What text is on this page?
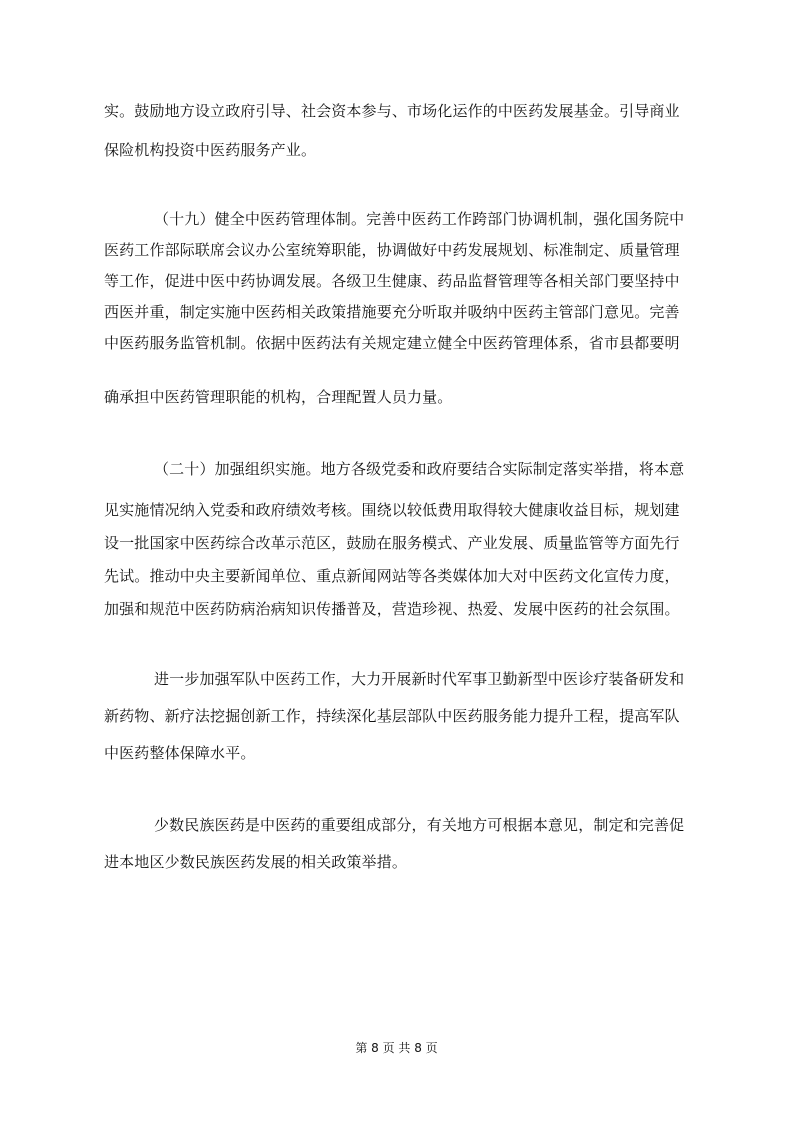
实。鼓励地方设立政府引导、社会资本参与、市场化运作的中医药发展基金。引导商业
保险机构投资中医药服务产业。
（十九）健全中医药管理体制。完善中医药工作跨部门协调机制，强化国务院中
医药工作部际联席会议办公室统筹职能，协调做好中药发展规划、标准制定、质量管理
等工作，促进中医中药协调发展。各级卫生健康、药品监督管理等各相关部门要坚持中
西医并重，制定实施中医药相关政策措施要充分听取并吸纳中医药主管部门意见。完善
中医药服务监管机制。依据中医药法有关规定建立健全中医药管理体系，省市县都要明
确承担中医药管理职能的机构，合理配置人员力量。
（二十）加强组织实施。地方各级党委和政府要结合实际制定落实举措，将本意
见实施情况纳入党委和政府绩效考核。围绕以较低费用取得较大健康收益目标，规划建
设一批国家中医药综合改革示范区，鼓励在服务模式、产业发展、质量监管等方面先行
先试。推动中央主要新闻单位、重点新闻网站等各类媒体加大对中医药文化宣传力度，
加强和规范中医药防病治病知识传播普及，营造珍视、热爱、发展中医药的社会氛围。
进一步加强军队中医药工作，大力开展新时代军事卫勤新型中医诊疗装备研发和
新药物、新疗法挖掘创新工作，持续深化基层部队中医药服务能力提升工程，提高军队
中医药整体保障水平。
少数民族医药是中医药的重要组成部分，有关地方可根据本意见，制定和完善促
进本地区少数民族医药发展的相关政策举措。
第 8 页 共 8 页
